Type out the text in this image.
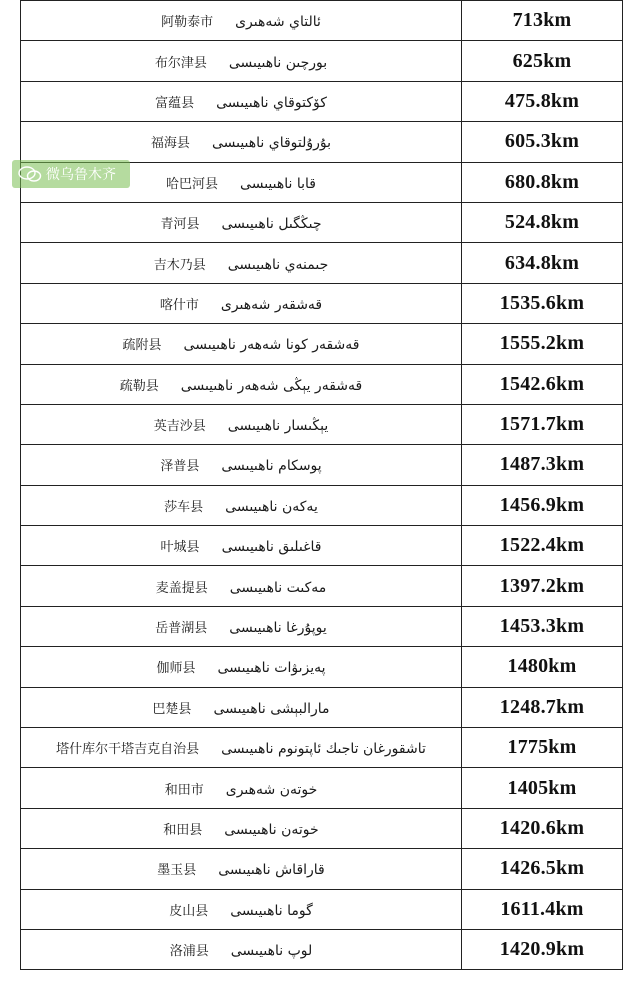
阿勒泰市 ئالتاي شەھىرى	713km
布尔津县 بورچىن ناھىيىسى	625km
富蕴县 كۆكتوقاي ناھىيىسى	475.8km
福海县 بۇرۇلتوقاي ناھىيىسى	605.3km
哈巴河县 قابا ناھىيىسى	680.8km
青河县 چىڭگىل ناھىيىسى	524.8km
吉木乃县 جىمنەي ناھىيىسى	634.8km
喀什市 قەشقەر شەھىرى	1535.6km
疏附县 قەشقەر كونا شەھەر ناھىيىسى	1555.2km
疏勒县 قەشقەر يېڭى شەھەر ناھىيىسى	1542.6km
英吉沙县 يېڭىسار ناھىيىسى	1571.7km
泽普县 پوسكام ناھىيىسى	1487.3km
莎车县 يەكەن ناھىيىسى	1456.9km
叶城县 قاغىلىق ناھىيىسى	1522.4km
麦盖提县 مەكىت ناھىيىسى	1397.2km
岳普湖县 يوپۇرغا ناھىيىسى	1453.3km
伽师县 پەيزىۋات ناھىيىسى	1480km
巴楚县 مارالبېشى ناھىيىسى	1248.7km
塔什库尔干塔吉克自治县 تاشقورغان تاجىك ئاپتونوم ناھىيىسى	1775km
和田市 خوتەن شەھىرى	1405km
和田县 خوتەن ناھىيىسى	1420.6km
墨玉县 قاراقاش ناھىيىسى	1426.5km
皮山县 گوما ناھىيىسى	1611.4km
洛浦县 لوپ ناھىيىسى	1420.9km
微乌鲁木齐
